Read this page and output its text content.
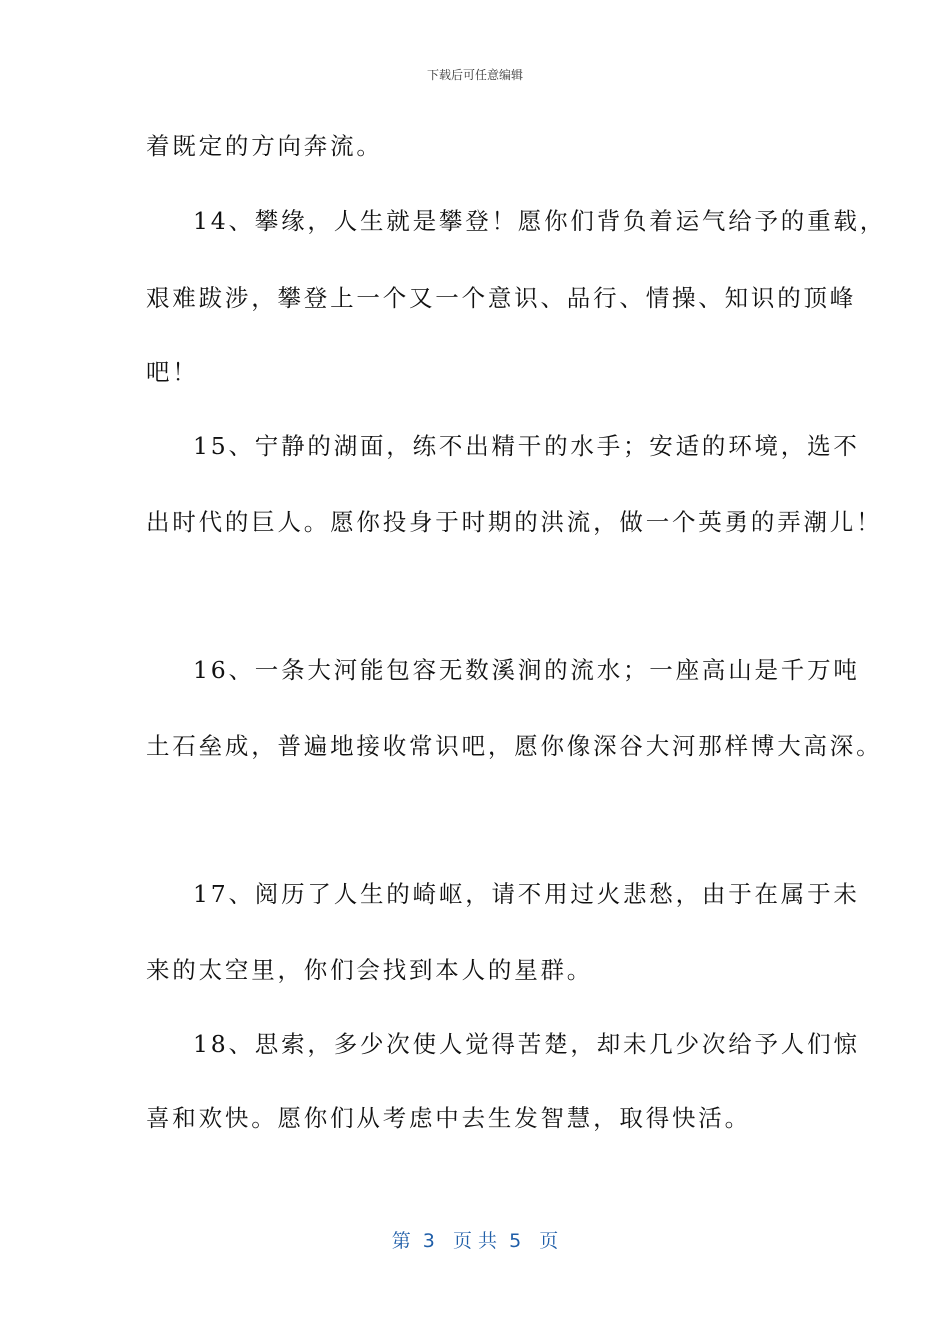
下载后可任意编辑
着既定的方向奔流。
14、攀缘，人生就是攀登！愿你们背负着运气给予的重载，
艰难跋涉，攀登上一个又一个意识、品行、情操、知识的顶峰
吧！
15、宁静的湖面，练不出精干的水手；安适的环境，选不
出时代的巨人。愿你投身于时期的洪流，做一个英勇的弄潮儿！
16、一条大河能包容无数溪涧的流水；一座高山是千万吨
土石垒成，普遍地接收常识吧，愿你像深谷大河那样博大高深。
17、阅历了人生的崎岖，请不用过火悲愁，由于在属于未
来的太空里，你们会找到本人的星群。
18、思索，多少次使人觉得苦楚，却未几少次给予人们惊
喜和欢快。愿你们从考虑中去生发智慧，取得快活。
第  3   页 共  5   页
